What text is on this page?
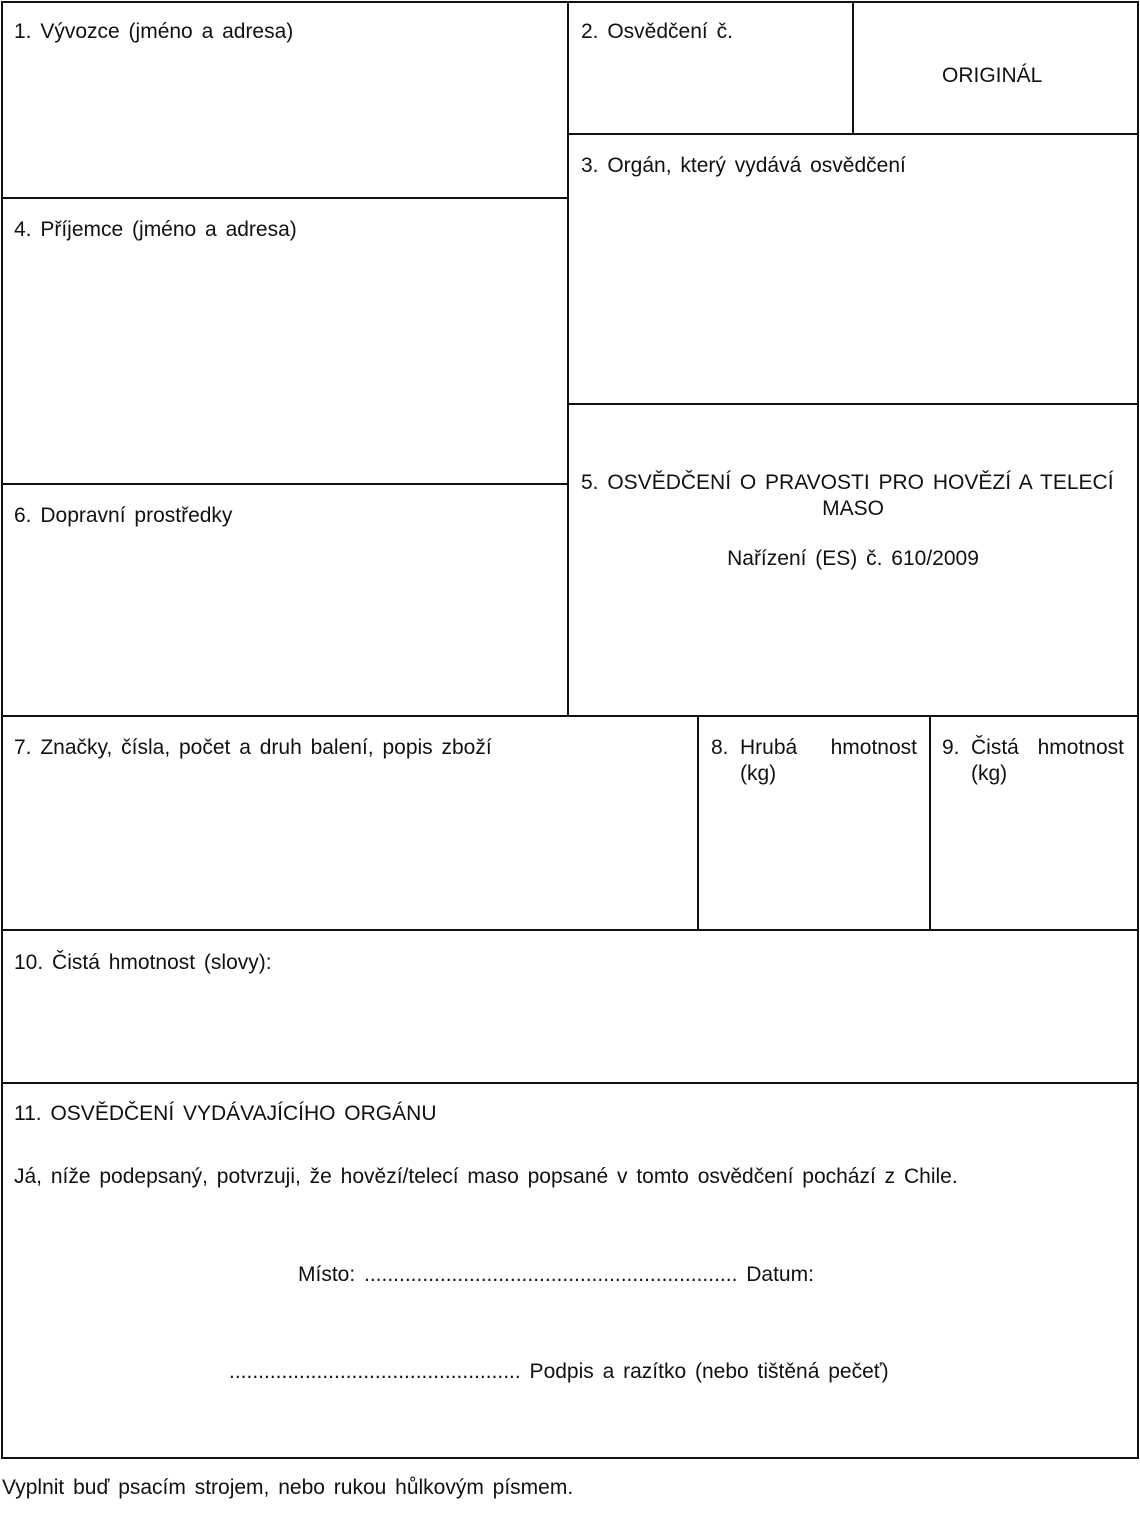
1. Vývozce (jméno a adresa)	2. Osvědčení č.
ORIGINÁL
3. Orgán, který vydává osvědčení
4. Příjemce (jméno a adresa)
5. OSVĚDČENÍ O PRAVOSTI PRO HOVĚZÍ A TELECÍ
MASO
Nařízení (ES) č. 610/2009
6. Dopravní prostředky
7. Značky, čísla, počet a druh balení, popis zboží	8. Hrubá hmotnost
(kg)
9. Čistá hmotnost
(kg)
10. Čistá hmotnost (slovy):
11. OSVĚDČENÍ VYDÁVAJÍCÍHO ORGÁNU
Já, níže podepsaný, potvrzuji, že hovězí/telecí maso popsané v tomto osvědčení pochází z Chile.
Místo: ................................................................ Datum:
.................................................. Podpis a razítko (nebo tištěná pečeť)
Vyplnit buď psacím strojem, nebo rukou hůlkovým písmem.
